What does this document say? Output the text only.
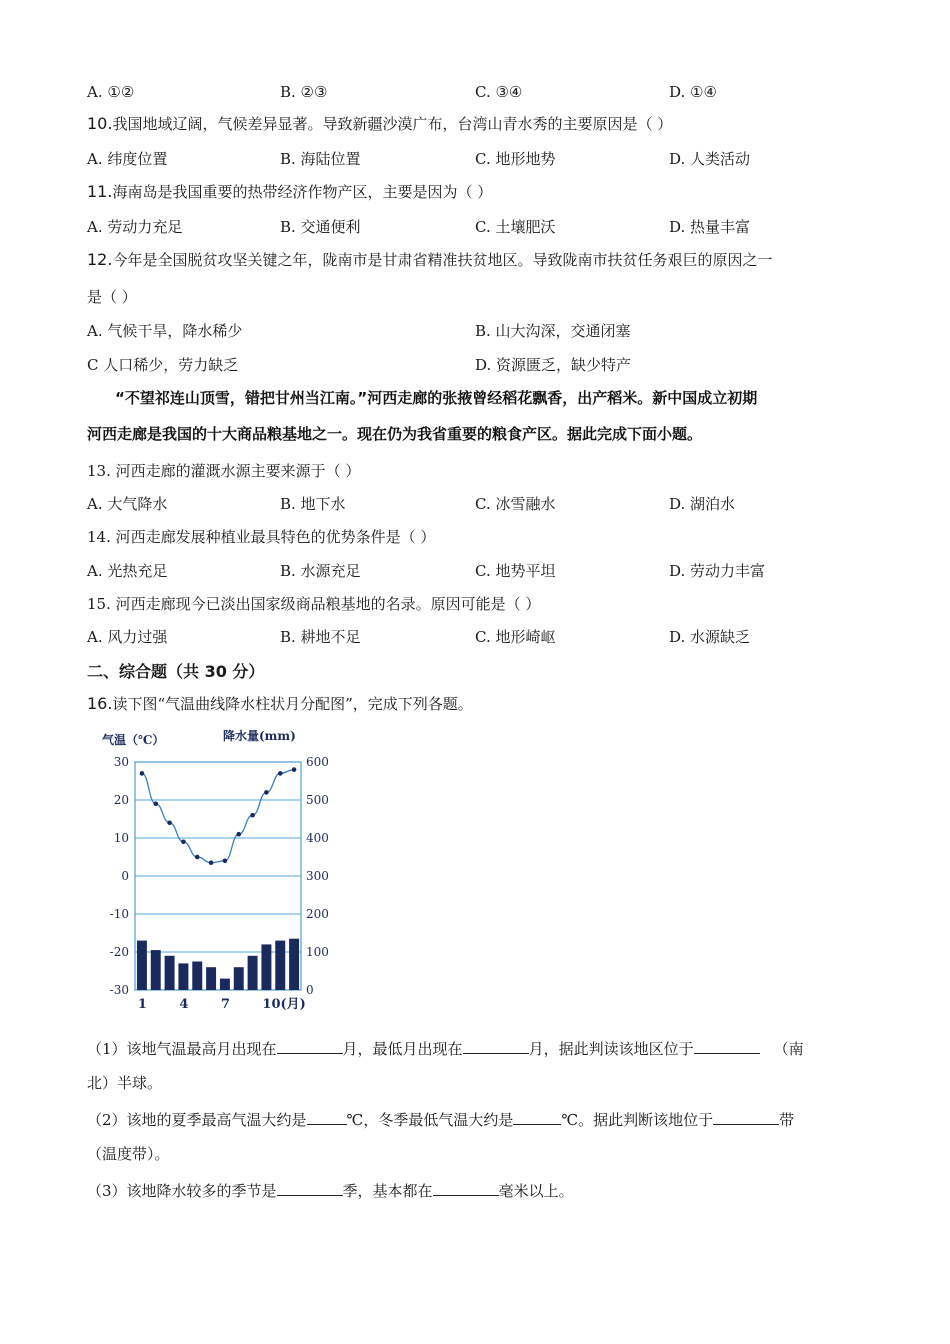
A. ①②	B. ②③	C. ③④	D. ①④
10.我国地域辽阔，气候差异显著。导致新疆沙漠广布，台湾山青水秀的主要原因是（ ）
A. 纬度位置	B. 海陆位置	C. 地形地势	D. 人类活动
11.海南岛是我国重要的热带经济作物产区，主要是因为（ ）
A. 劳动力充足	B. 交通便利	C. 土壤肥沃	D. 热量丰富
12.今年是全国脱贫攻坚关键之年，陇南市是甘肃省精准扶贫地区。导致陇南市扶贫任务艰巨的原因之一
是（ ）
A. 气候干旱，降水稀少	B. 山大沟深，交通闭塞
C 人口稀少，劳力缺乏	D. 资源匮乏，缺少特产
“不望祁连山顶雪，错把甘州当江南。”河西走廊的张掖曾经稻花飘香，出产稻米。新中国成立初期
河西走廊是我国的十大商品粮基地之一。现在仍为我省重要的粮食产区。据此完成下面小题。
13. 河西走廊的灌溉水源主要来源于（ ）
A. 大气降水	B. 地下水	C. 冰雪融水	D. 湖泊水
14. 河西走廊发展种植业最具特色的优势条件是（ ）
A. 光热充足	B. 水源充足	C. 地势平坦	D. 劳动力丰富
15. 河西走廊现今已淡出国家级商品粮基地的名录。原因可能是（ ）
A. 风力过强	B. 耕地不足	C. 地形崎岖	D. 水源缺乏
二、综合题（共 30 分）
16.读下图“气温曲线降水柱状月分配图”，完成下列各题。
30
20
10
0
-10
-20
-30
600
500
400
300
200
100
0
1 4 7 10(月)
气温（℃）	降水量(mm)
（1）该地气温最高月出现在	月，最低月出现在	月，据此判读该地区位于	（南
北）半球。
（2）该地的夏季最高气温大约是	℃，冬季最低气温大约是	℃。据此判断该地位于	带
（温度带）。
（3）该地降水较多的季节是	季，基本都在	毫米以上。
